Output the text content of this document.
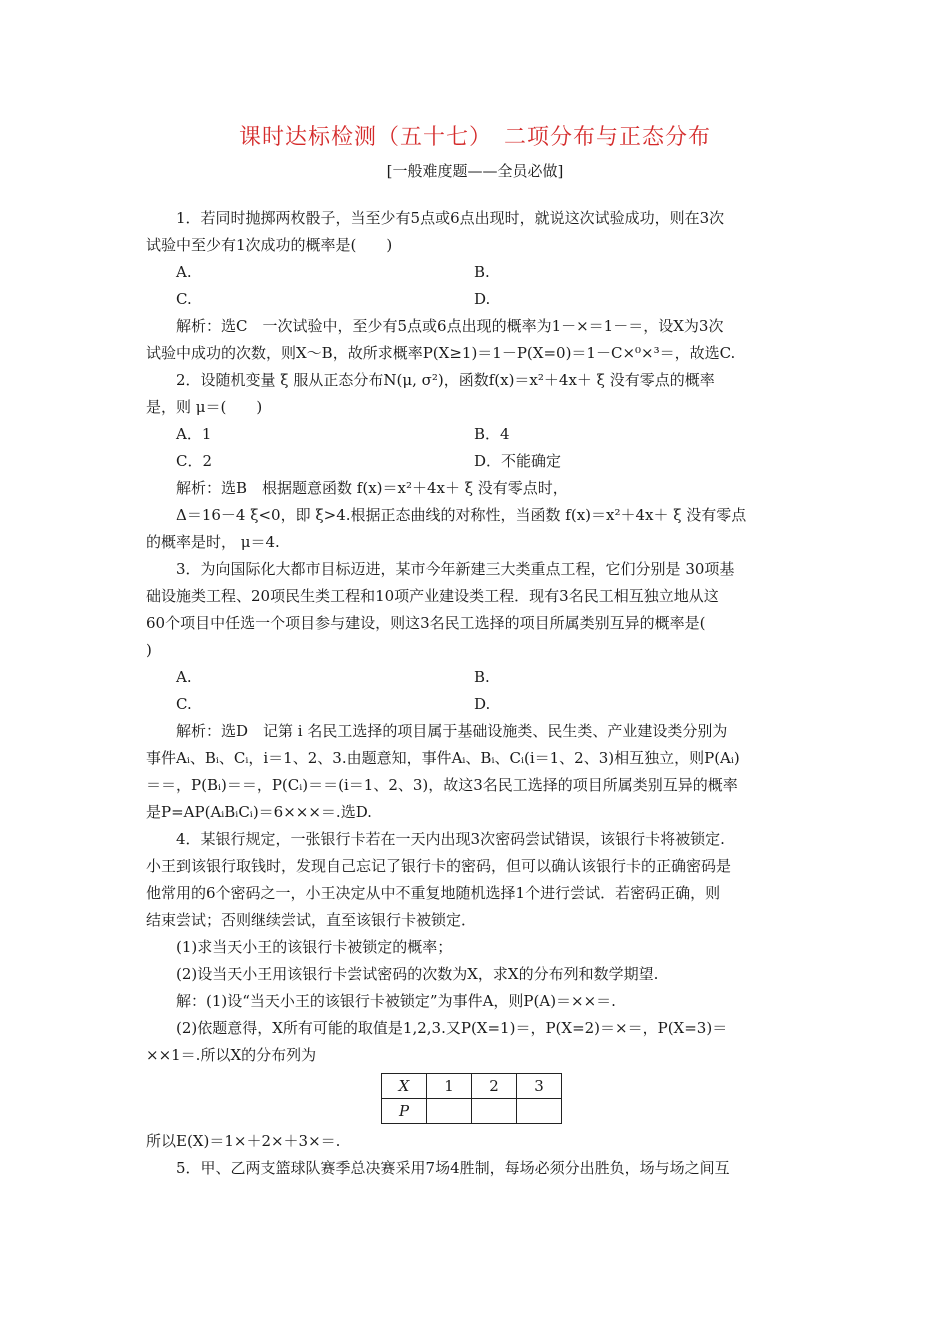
课时达标检测（五十七）　二项分布与正态分布
[一般难度题——全员必做]
1．若同时抛掷两枚骰子，当至少有5点或6点出现时，就说这次试验成功，则在3次
试验中至少有1次成功的概率是(　　)
A.	B.
C.	D.
解析：选C　一次试验中，至少有5点或6点出现的概率为1－×＝1－＝，设X为3次
试验中成功的次数，则X～B，故所求概率P(X≥1)＝1－P(X=0)＝1－C×⁰×³＝，故选C.
2．设随机变量 ξ 服从正态分布N(μ, σ²)，函数f(x)＝x²＋4x＋ ξ 没有零点的概率
是，则 μ＝(　　)
A．1	B．4
C．2	D．不能确定
解析：选B　根据题意函数 f(x)＝x²＋4x＋ ξ 没有零点时，
Δ＝16－4 ξ<0，即 ξ>4.根据正态曲线的对称性，当函数 f(x)＝x²＋4x＋ ξ 没有零点
的概率是时， μ＝4.
3．为向国际化大都市目标迈进，某市今年新建三大类重点工程，它们分别是 30项基
础设施类工程、20项民生类工程和10项产业建设类工程．现有3名民工相互独立地从这
60个项目中任选一个项目参与建设，则这3名民工选择的项目所属类别互异的概率是(
)
A.	B.
C.	D.
解析：选D　记第 i 名民工选择的项目属于基础设施类、民生类、产业建设类分别为
事件Aᵢ、Bᵢ、Cᵢ，i＝1、2、3.由题意知，事件Aᵢ、Bᵢ、Cᵢ(i＝1、2、3)相互独立，则P(Aᵢ)
＝＝，P(Bᵢ)＝＝，P(Cᵢ)＝＝(i＝1、2、3)，故这3名民工选择的项目所属类别互异的概率
是P=AP(AᵢBᵢCᵢ)＝6×××＝.选D.
4．某银行规定，一张银行卡若在一天内出现3次密码尝试错误，该银行卡将被锁定.
小王到该银行取钱时，发现自己忘记了银行卡的密码，但可以确认该银行卡的正确密码是
他常用的6个密码之一，小王决定从中不重复地随机选择1个进行尝试．若密码正确，则
结束尝试；否则继续尝试，直至该银行卡被锁定．
(1)求当天小王的该银行卡被锁定的概率；
(2)设当天小王用该银行卡尝试密码的次数为X，求X的分布列和数学期望.
解：(1)设“当天小王的该银行卡被锁定”为事件A，则P(A)＝××＝.
(2)依题意得，X所有可能的取值是1,2,3.又P(X=1)＝，P(X=2)＝×＝，P(X=3)＝
××1＝.所以X的分布列为
X	1	2	3
P			
所以E(X)＝1×＋2×＋3×＝.
5．甲、乙两支篮球队赛季总决赛采用7场4胜制，每场必须分出胜负，场与场之间互
